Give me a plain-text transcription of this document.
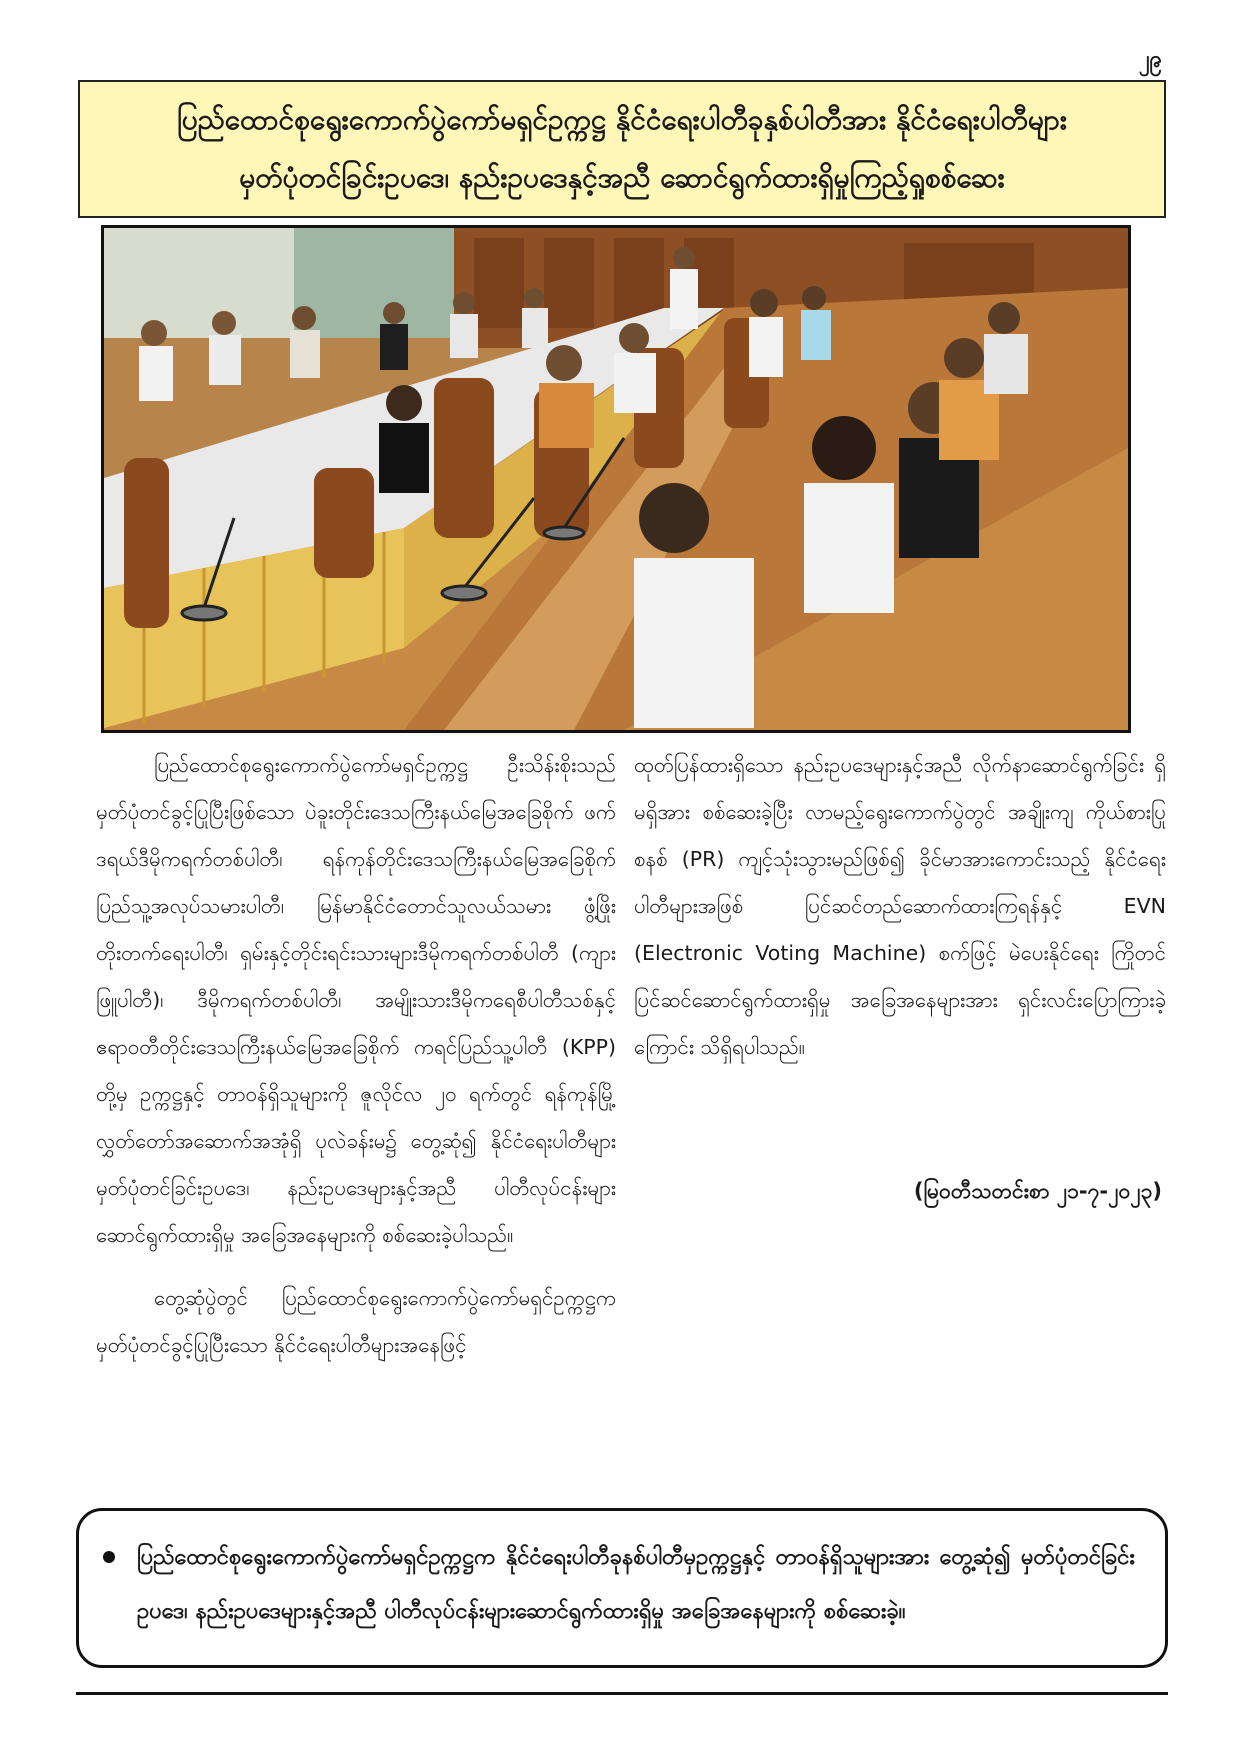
၂၉
ပြည်ထောင်စုရွေးကောက်ပွဲကော်မရှင်ဥက္ကဋ္ဌ နိုင်ငံရေးပါတီခုနှစ်ပါတီအား နိုင်ငံရေးပါတီများ
မှတ်ပုံတင်ခြင်းဥပဒေ၊ နည်းဥပဒေနှင့်အညီ ဆောင်ရွက်ထားရှိမှုကြည့်ရှုစစ်ဆေး

ပြည်ထောင်စုရွေးကောက်ပွဲကော်မရှင်ဥက္ကဋ္ဌ ဦးသိန်းစိုးသည် မှတ်ပုံတင်ခွင့်ပြုပြီးဖြစ်သော ပဲခူးတိုင်းဒေသကြီးနယ်မြေအခြေစိုက် ဖက်ဒရယ်ဒီမိုကရက်တစ်ပါတီ၊ ရန်ကုန်တိုင်းဒေသကြီးနယ်မြေအခြေစိုက် ပြည်သူ့အလုပ်သမားပါတီ၊ မြန်မာနိုင်ငံတောင်သူလယ်သမား ဖွံ့ဖြိုးတိုးတက်ရေးပါတီ၊ ရှမ်းနှင့်တိုင်းရင်းသားများဒီမိုကရက်တစ်ပါတီ (ကျားဖြူပါတီ)၊ ဒီမိုကရက်တစ်ပါတီ၊ အမျိုးသားဒီမိုကရေစီပါတီသစ်နှင့် ဧရာဝတီတိုင်းဒေသကြီးနယ်မြေအခြေစိုက် ကရင်ပြည်သူ့ပါတီ (KPP) တို့မှ ဥက္ကဋ္ဌနှင့် တာဝန်ရှိသူများကို ဇူလိုင်လ ၂၀ ရက်တွင် ရန်ကုန်မြို့လွှတ်တော်အဆောက်အအုံရှိ ပုလဲခန်းမ၌ တွေ့ဆုံ၍ နိုင်ငံရေးပါတီများ မှတ်ပုံတင်ခြင်းဥပဒေ၊ နည်းဥပဒေများနှင့်အညီ ပါတီလုပ်ငန်းများ ဆောင်ရွက်ထားရှိမှု အခြေအနေများကို စစ်ဆေးခဲ့ပါသည်။

တွေ့ဆုံပွဲတွင် ပြည်ထောင်စုရွေးကောက်ပွဲကော်မရှင်ဥက္ကဋ္ဌက မှတ်ပုံတင်ခွင့်ပြုပြီးသော နိုင်ငံရေးပါတီများအနေဖြင့်

ထုတ်ပြန်ထားရှိသော နည်းဥပဒေများနှင့်အညီ လိုက်နာဆောင်ရွက်ခြင်း ရှိမရှိအား စစ်ဆေးခဲ့ပြီး လာမည့်ရွေးကောက်ပွဲတွင် အချိုးကျ ကိုယ်စားပြုစနစ် (PR) ကျင့်သုံးသွားမည်ဖြစ်၍ ခိုင်မာအားကောင်းသည့် နိုင်ငံရေးပါတီများအဖြစ် ပြင်ဆင်တည်ဆောက်ထားကြရန်နှင့် EVN (Electronic Voting Machine) စက်ဖြင့် မဲပေးနိုင်ရေး ကြိုတင်ပြင်ဆင်ဆောင်ရွက်ထားရှိမှု အခြေအနေများအား ရှင်းလင်းပြောကြားခဲ့ကြောင်း သိရှိရပါသည်။

(မြဝတီသတင်းစာ ၂၁-၇-၂၀၂၃)
ပြည်ထောင်စုရွေးကောက်ပွဲကော်မရှင်ဥက္ကဋ္ဌက နိုင်ငံရေးပါတီခုနစ်ပါတီမှဥက္ကဋ္ဌနှင့် တာဝန်ရှိသူများအား တွေ့ဆုံ၍ မှတ်ပုံတင်ခြင်းဥပဒေ၊ နည်းဥပဒေများနှင့်အညီ ပါတီလုပ်ငန်းများဆောင်ရွက်ထားရှိမှု အခြေအနေများကို စစ်ဆေးခဲ့။
